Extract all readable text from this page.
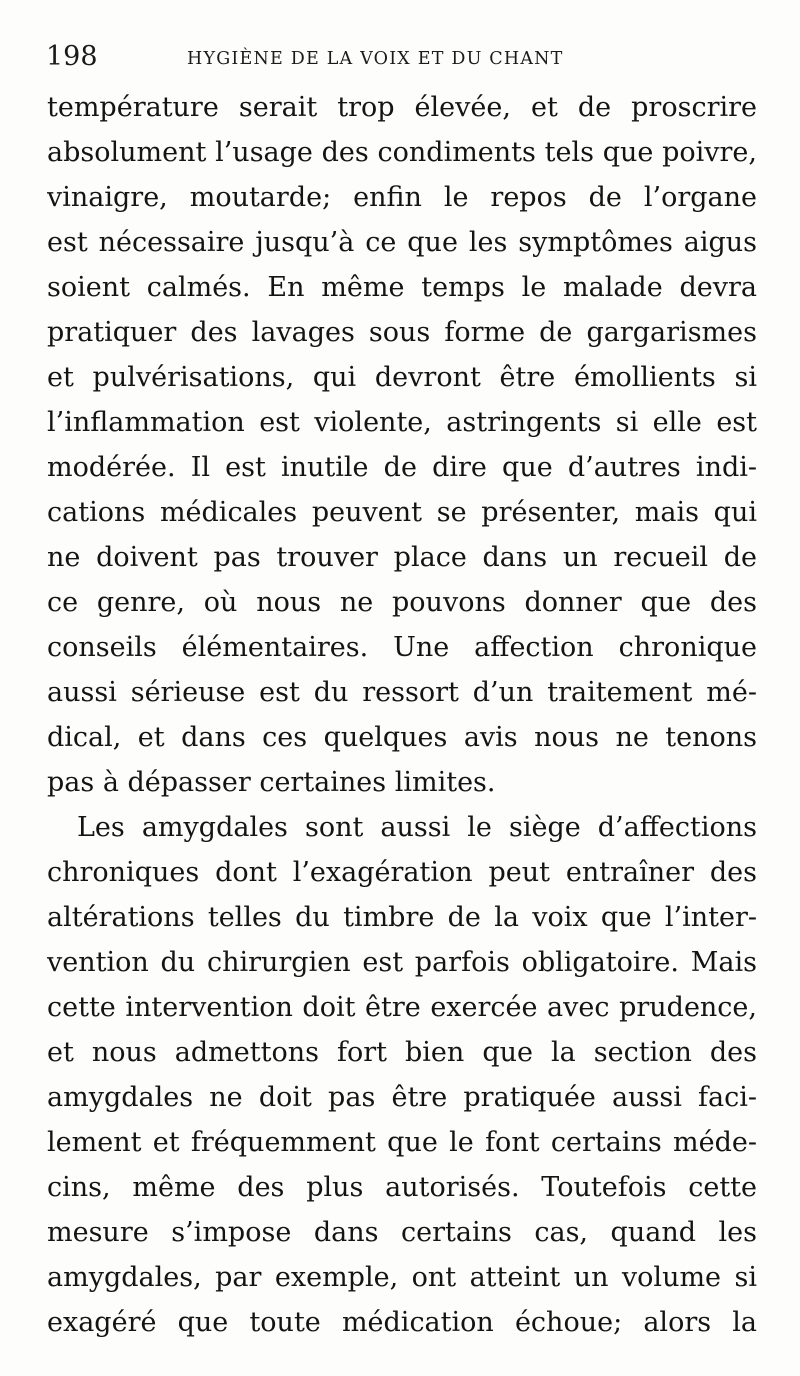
198	HYGIÈNE DE LA VOIX ET DU CHANT
température serait trop élevée, et de proscrire
absolument l’usage des condiments tels que poivre,
vinaigre, moutarde; enfin le repos de l’organe
est nécessaire jusqu’à ce que les symptômes aigus
soient calmés. En même temps le malade devra
pratiquer des lavages sous forme de gargarismes
et pulvérisations, qui devront être émollients si
l’inflammation est violente, astringents si elle est
modérée. Il est inutile de dire que d’autres indi-
cations médicales peuvent se présenter, mais qui
ne doivent pas trouver place dans un recueil de
ce genre, où nous ne pouvons donner que des
conseils élémentaires. Une affection chronique
aussi sérieuse est du ressort d’un traitement mé-
dical, et dans ces quelques avis nous ne tenons
pas à dépasser certaines limites.
Les amygdales sont aussi le siège d’affections
chroniques dont l’exagération peut entraîner des
altérations telles du timbre de la voix que l’inter-
vention du chirurgien est parfois obligatoire. Mais
cette intervention doit être exercée avec prudence,
et nous admettons fort bien que la section des
amygdales ne doit pas être pratiquée aussi faci-
lement et fréquemment que le font certains méde-
cins, même des plus autorisés. Toutefois cette
mesure s’impose dans certains cas, quand les
amygdales, par exemple, ont atteint un volume si
exagéré que toute médication échoue; alors la
